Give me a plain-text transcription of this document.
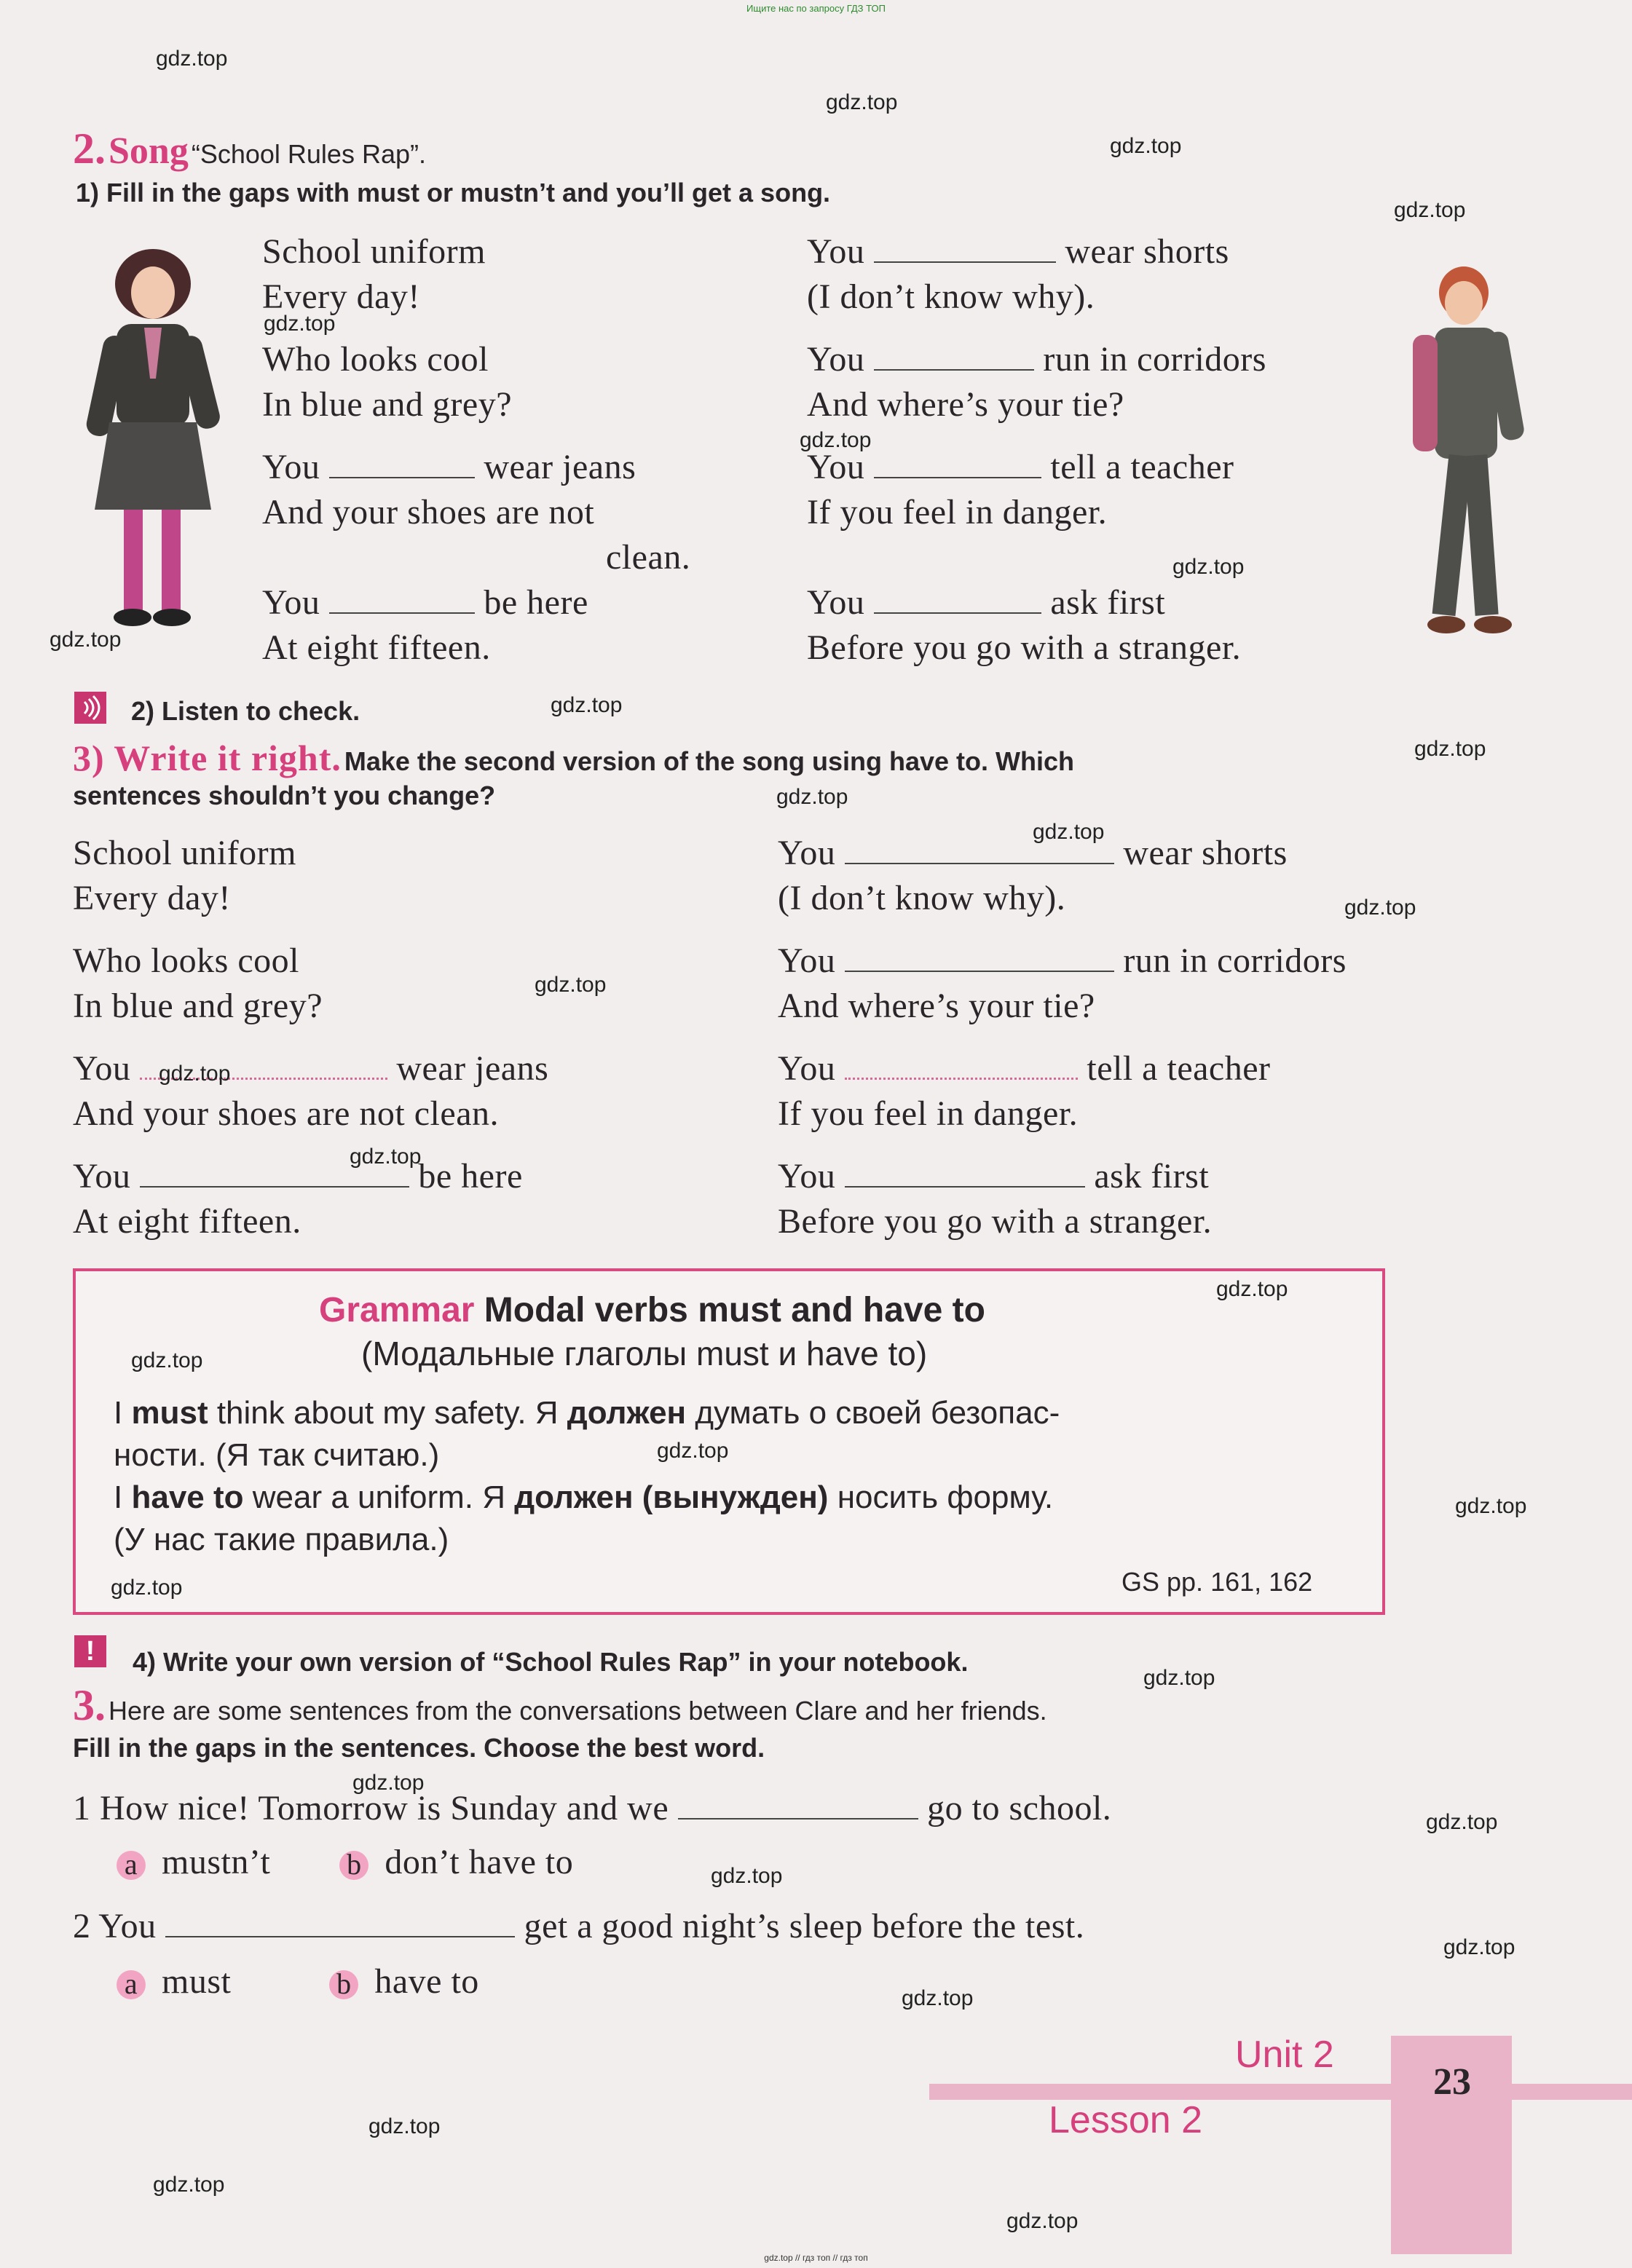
Ищите нас по запросу ГДЗ ТОП
gdz.top // гдз топ // гдз топ
2. Song “School Rules Rap”.
1) Fill in the gaps with must or mustn’t and you’ll get a song.
School uniform
Every day!
Who looks cool
In blue and grey?
You	wear jeans
And your shoes are not
clean.
You	be here
At eight fifteen.
You	wear shorts
(I don’t know why).
You	run in corridors
And where’s your tie?
You	tell a teacher
If you feel in danger.
You	ask first
Before you go with a stranger.
2) Listen to check.
3) Write it right. Make the second version of the song using have to. Which
sentences shouldn’t you change?
School uniform
Every day!
Who looks cool
In blue and grey?
You	wear jeans
And your shoes are not clean.
You	be here
At eight fifteen.
You	wear shorts
(I don’t know why).
You	run in corridors
And where’s your tie?
You	tell a teacher
If you feel in danger.
You	ask first
Before you go with a stranger.
Grammar Modal verbs must and have to
(Модальные глаголы must и have to)
I must think about my safety. Я должен думать о своей безопас-
ности. (Я так считаю.)
I have to wear a uniform. Я должен (вынужден) носить форму.
(У нас такие правила.)
GS pp. 161, 162
!	4) Write your own version of “School Rules Rap” in your notebook.
3. Here are some sentences from the conversations between Clare and her friends.
Fill in the gaps in the sentences. Choose the best word.
1 How nice! Tomorrow is Sunday and we	go to school.
a mustn’t	b don’t have to
2 You	get a good night’s sleep before the test.
a must	b have to
Unit 2
Lesson 2
23
gdz.top
gdz.top
gdz.top
gdz.top
gdz.top
gdz.top
gdz.top
gdz.top
gdz.top
gdz.top
gdz.top
gdz.top
gdz.top
gdz.top
gdz.top
gdz.top
gdz.top
gdz.top
gdz.top
gdz.top
gdz.top
gdz.top
gdz.top
gdz.top
gdz.top
gdz.top
gdz.top
gdz.top
gdz.top
gdz.top
